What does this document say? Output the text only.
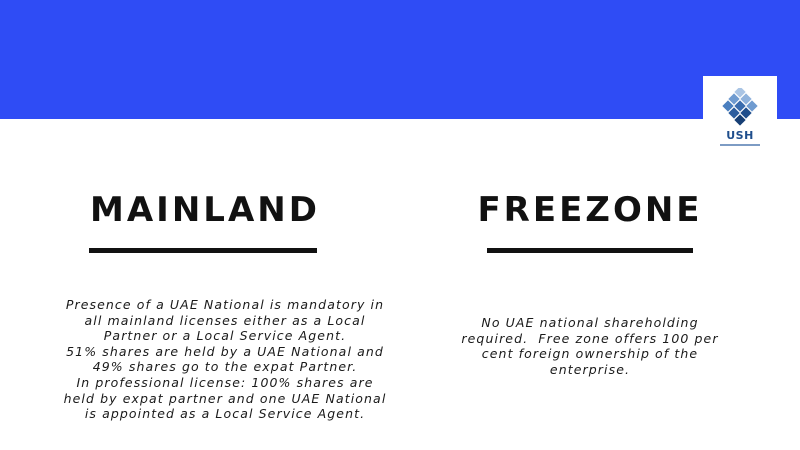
USH
MAINLAND

Presence of a UAE National is mandatory in
all mainland licenses either as a Local
Partner or a Local Service Agent.
51% shares are held by a UAE National and
49% shares go to the expat Partner.
In professional license: 100% shares are
held by expat partner and one UAE National
is appointed as a Local Service Agent.

FREEZONE

No UAE national shareholding
required.  Free zone offers 100 per
cent foreign ownership of the
enterprise.
